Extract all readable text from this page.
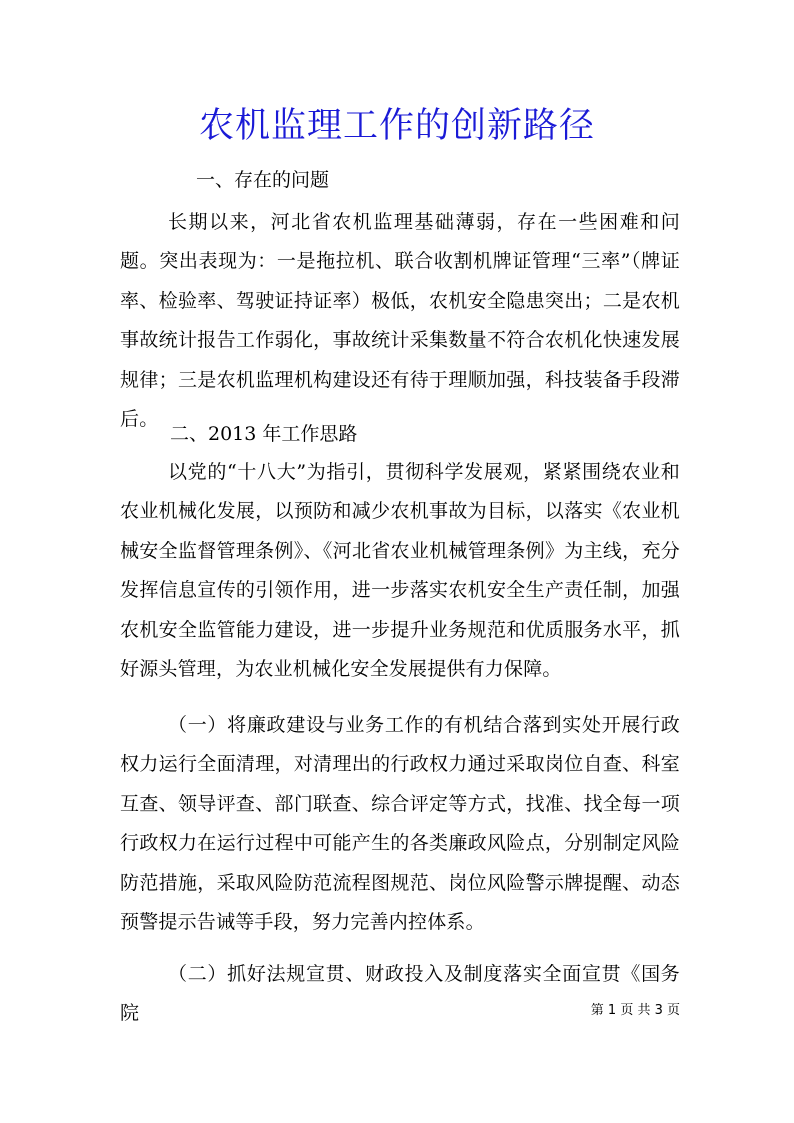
农机监理工作的创新路径
一、存在的问题
长期以来，河北省农机监理基础薄弱，存在一些困难和问题。突出表现为：一是拖拉机、联合收割机牌证管理“三率”（牌证率、检验率、驾驶证持证率）极低，农机安全隐患突出；二是农机事故统计报告工作弱化，事故统计采集数量不符合农机化快速发展规律；三是农机监理机构建设还有待于理顺加强，科技装备手段滞后。
二、2013 年工作思路
以党的“十八大”为指引，贯彻科学发展观，紧紧围绕农业和农业机械化发展，以预防和减少农机事故为目标，以落实《农业机械安全监督管理条例》、《河北省农业机械管理条例》为主线，充分发挥信息宣传的引领作用，进一步落实农机安全生产责任制，加强农机安全监管能力建设，进一步提升业务规范和优质服务水平，抓好源头管理，为农业机械化安全发展提供有力保障。
（一）将廉政建设与业务工作的有机结合落到实处开展行政权力运行全面清理，对清理出的行政权力通过采取岗位自查、科室互查、领导评查、部门联查、综合评定等方式，找准、找全每一项行政权力在运行过程中可能产生的各类廉政风险点，分别制定风险防范措施，采取风险防范流程图规范、岗位风险警示牌提醒、动态预警提示告诫等手段，努力完善内控体系。
（二）抓好法规宣贯、财政投入及制度落实全面宣贯《国务院	第 1 页 共 3 页
